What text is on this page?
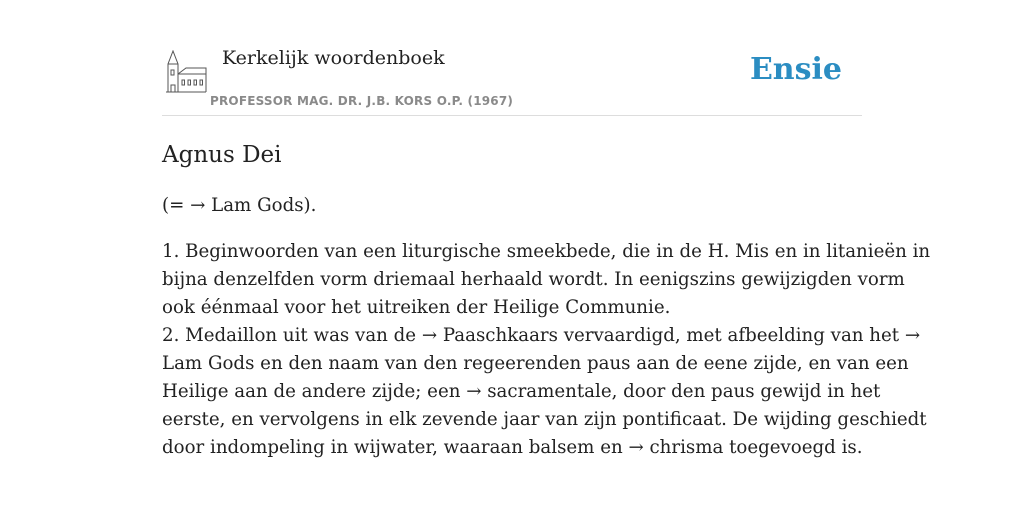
Kerkelijk woordenboek
PROFESSOR MAG. DR. J.B. KORS O.P. (1967)
Ensie
Agnus Dei

(= → Lam Gods).

1. Beginwoorden van een liturgische smeekbede, die in de H. Mis en in litanieën in

bijna denzelfden vorm driemaal herhaald wordt. In eenigszins gewijzigden vorm

ook éénmaal voor het uitreiken der Heilige Communie.

2. Medaillon uit was van de → Paaschkaars vervaardigd, met afbeelding van het →

Lam Gods en den naam van den regeerenden paus aan de eene zijde, en van een

Heilige aan de andere zijde; een → sacramentale, door den paus gewijd in het

eerste, en vervolgens in elk zevende jaar van zijn pontificaat. De wijding geschiedt

door indompeling in wijwater, waaraan balsem en → chrisma toegevoegd is.
